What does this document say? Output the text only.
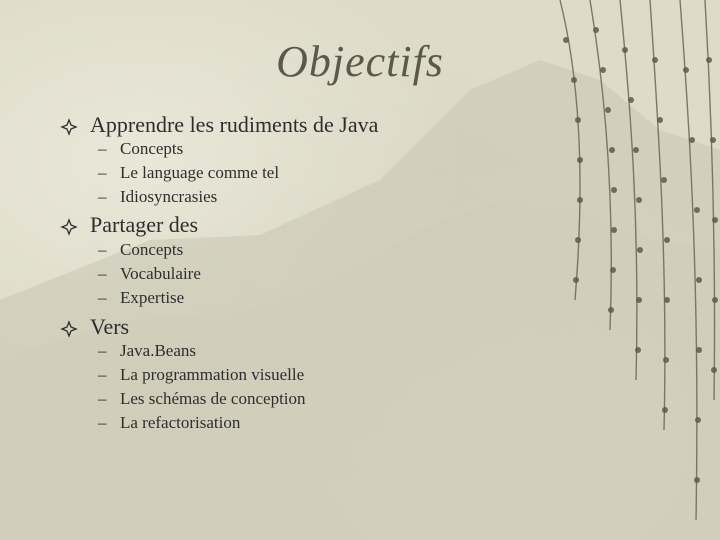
Objectifs
Apprendre les rudiments de Java
– Concepts
– Le language comme tel
– Idiosyncrasies
Partager des
– Concepts
– Vocabulaire
– Expertise
Vers
– Java.Beans
– La programmation visuelle
– Les schémas de conception
– La refactorisation
